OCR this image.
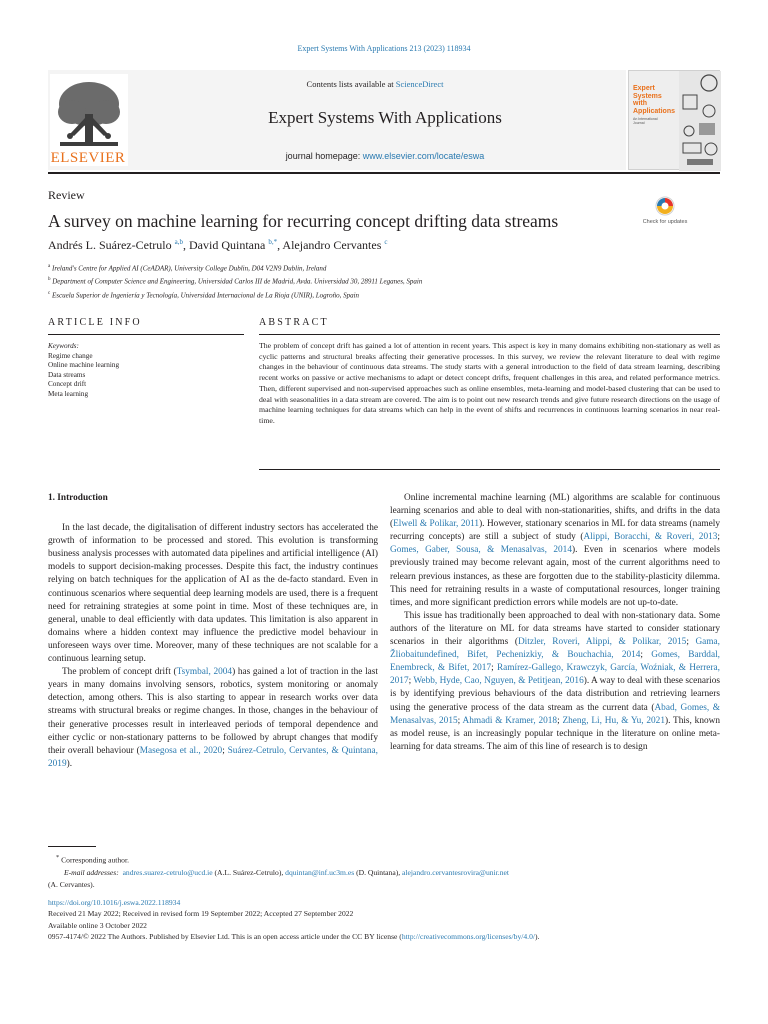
Expert Systems With Applications 213 (2023) 118934
ELSEVIER
Contents lists available at ScienceDirect
Expert Systems With Applications
journal homepage: www.elsevier.com/locate/eswa
Expert Systems with Applications
An International Journal
Review
A survey on machine learning for recurring concept drifting data streams	Check for updates
Andrés L. Suárez-Cetrulo $^{a,b}$, David Quintana $^{b,*}$, Alejandro Cervantes $^c$
$^a$ Ireland's Centre for Applied AI (CeADAR), University College Dublin, D04 V2N9 Dublin, Ireland
$^b$ Department of Computer Science and Engineering, Universidad Carlos III de Madrid, Avda. Universidad 30, 28911 Leganes, Spain
$^c$ Escuela Superior de Ingeniería y Tecnología, Universidad Internacional de La Rioja (UNIR), Logroño, Spain
ARTICLE INFO	ABSTRACT
Keywords:
Regime change
Online machine learning
Data streams
Concept drift
Meta learning
The problem of concept drift has gained a lot of attention in recent years. This aspect is key in many domains exhibiting non-stationary as well as cyclic patterns and structural breaks affecting their generative processes. In this survey, we review the relevant literature to deal with regime changes in the behaviour of continuous data streams. The study starts with a general introduction to the field of data stream learning, describing recent works on passive or active mechanisms to adapt or detect concept drifts, frequent challenges in this area, and related performance metrics. Then, different supervised and non-supervised approaches such as online ensembles, meta-learning and model-based clustering that can be used to deal with seasonalities in a data stream are covered. The aim is to point out new research trends and give future research directions on the usage of machine learning techniques for data streams which can help in the event of shifts and recurrences in continuous learning scenarios in near real-time.
1. Introduction

In the last decade, the digitalisation of different industry sectors has accelerated the growth of information to be processed and stored. This evolution is transforming business analysis processes with automated data pipelines and artificial intelligence (AI) models to support decision-making processes. Despite this fact, the industry continues relying on batch techniques for the application of AI as the de-facto standard. Even in continuous scenarios where sequential deep learning models are used, there is a frequent need for retraining strategies at some point in time. Most of these techniques are, in general, unable to deal efficiently with data updates. This limitation is also apparent in domains where a hidden context may influence the predictive model behaviour in unforeseen ways over time. Moreover, many of these techniques are not scalable for a continuous learning setup.

The problem of concept drift (Tsymbal, 2004) has gained a lot of traction in the last years in many domains involving sensors, robotics, system monitoring or anomaly detection, among others. This is also starting to appear in research works over data streams with structural breaks or regime changes. In those, changes in the behaviour of their generative processes result in interleaved periods of temporal dependence and either cyclic or non-stationary patterns to be followed by abrupt changes that modify their overall behaviour (Masegosa et al., 2020; Suárez-Cetrulo, Cervantes, & Quintana, 2019).

Online incremental machine learning (ML) algorithms are scalable for continuous learning scenarios and able to deal with non-stationarities, shifts, and drifts in the data (Elwell & Polikar, 2011). However, stationary scenarios in ML for data streams (namely recurring concepts) are still a subject of study (Alippi, Boracchi, & Roveri, 2013; Gomes, Gaber, Sousa, & Menasalvas, 2014). Even in scenarios where models previously trained may become relevant again, most of the current algorithms need to relearn previous instances, as these are forgotten due to the stability-plasticity dilemma. This need for retraining results in a waste of computational resources, longer training times, and more significant prediction errors while models are not up-to-date.

This issue has traditionally been approached to deal with non-stationary data. Some authors of the literature on ML for data streams have started to consider stationary scenarios in their algorithms (Ditzler, Roveri, Alippi, & Polikar, 2015; Gama, Žliobaitundefined, Bifet, Pechenizkiy, & Bouchachia, 2014; Gomes, Barddal, Enembreck, & Bifet, 2017; Ramírez-Gallego, Krawczyk, García, Woźniak, & Herrera, 2017; Webb, Hyde, Cao, Nguyen, & Petitjean, 2016). A way to deal with these scenarios is by identifying previous behaviours of the data distribution and retrieving learners using the generative process of the data stream as the current data (Abad, Gomes, & Menasalvas, 2015; Ahmadi & Kramer, 2018; Zheng, Li, Hu, & Yu, 2021). This, known as model reuse, is an increasingly popular technique in the literature on online meta-learning for data streams. The aim of this line of research is to design

* Corresponding author.
E-mail addresses: andres.suarez-cetrulo@ucd.ie (A.L. Suárez-Cetrulo), dquintan@inf.uc3m.es (D. Quintana), alejandro.cervantesrovira@unir.net
(A. Cervantes).
https://doi.org/10.1016/j.eswa.2022.118934
Received 21 May 2022; Received in revised form 19 September 2022; Accepted 27 September 2022
Available online 3 October 2022
0957-4174/© 2022 The Authors. Published by Elsevier Ltd. This is an open access article under the CC BY license (http://creativecommons.org/licenses/by/4.0/).
